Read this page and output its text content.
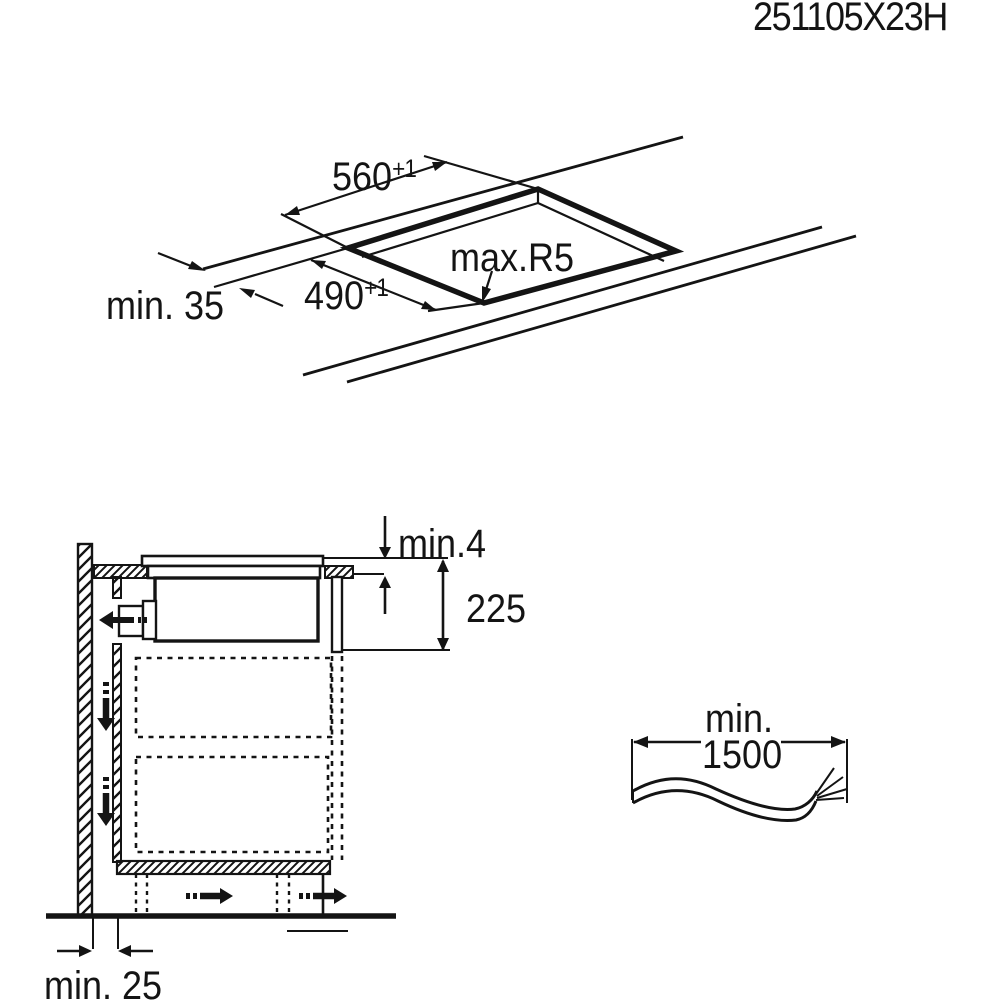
251105X23H
$560^{+1}$
$490^{+1}$
min. 35
max.R5
min.4
225
min. 25
min.
1500
